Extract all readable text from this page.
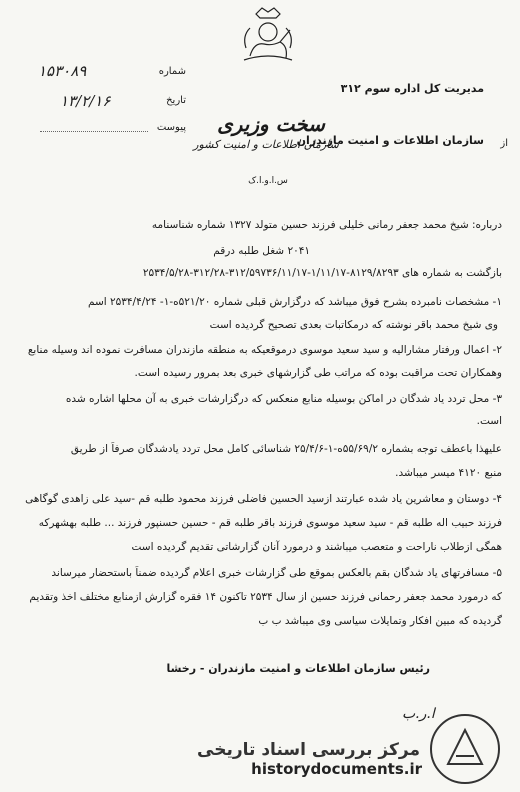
۱۵۳۰۸۹	شماره
۱۳/۲/۱۶	تاریخ
پیوست سخت وزیری
سازمان اطلاعات و امنیت کشور
س.ا.و.ا.ک
مدیریت کل اداره سوم ۳۱۲
از
سازمان اطلاعات و امنیت مازندران
درباره: شیخ محمد جعفر رمانی خلیلی فرزند حسین متولد ۱۳۲۷ شماره شناسنامه
۲۰۴۱ شغل طلبه درقم
بازگشت به شماره های ۸۱۲۹/۸۲۹۳-۱/۱۱/۱۷-۳۱۲/۵۹۷۳۶/۱۱/۱۷-۳۱۲/۲۸-۲۵۳۴/۵/۲۸
۱- مشخصات نامبرده بشرح فوق میباشد که درگزارش قبلی شماره ۵۲۱/۲۰ه-۱- ۲۵۳۴/۴/۲۴ اسم
وی شیخ محمد باقر نوشته که درمکاتبات بعدی تصحیح گردیده است
۲- اعمال ورفتار مشارالیه و سید سعید موسوی درموقعیکه به منطقه مازندران مسافرت نموده اند وسیله منابع
وهمکاران تحت مراقبت بوده که مراتب طی گزارشهای خبری بعد بمرور رسیده است.
۳- محل تردد یاد شدگان در اماکن بوسیله منابع منعکس که درگزارشات خبری به آن محلها اشاره شده
است.
علیهذا باعطف توجه بشماره ۵۵/۶۹/۲ه-۱-۲۵/۴/۶ شناسائی کامل محل تردد یادشدگان صرفاً از طریق
منبع ۴۱۲۰ میسر میباشد.
۴- دوستان و معاشرین یاد شده عبارتند ازسید الحسین فاضلی فرزند محمود طلبه قم -سید علی زاهدی گوگاهی
فرزند حبیب اله طلبه قم - سید سعید موسوی فرزند باقر طلبه قم - حسین حسنپور فرزند ... طلبه بهشهرکه
همگی ازطلاب ناراحت و متعصب میباشند و درمورد آنان گزارشاتی تقدیم گردیده است
۵- مسافرتهای یاد شدگان بقم بالعکس بموقع طی گزارشات خبری اعلام گردیده ضمناً باستحضار میرساند
که درمورد محمد جعفر رحمانی فرزند حسین از سال ۲۵۳۴ تاکنون ۱۴ فقره گزارش ازمنابع مختلف اخذ وتقدیم
گردیده که مبین افکار وتمایلات سیاسی وی میباشد ب ب
رئیس سازمان اطلاعات و امنیت مازندران - رخشا
ا.ر.ب
مرکز بررسی اسناد تاریخی
historydocuments.ir
